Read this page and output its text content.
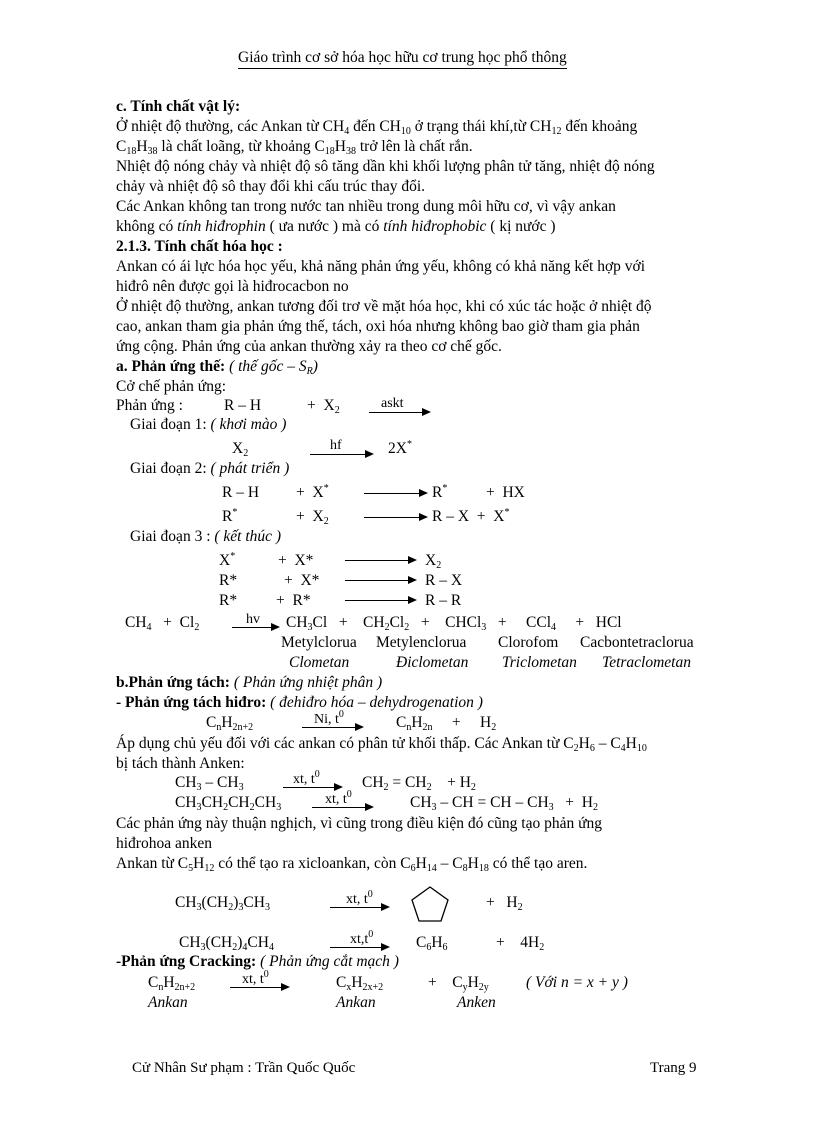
Giáo trình cơ sở hóa học hữu cơ trung học phổ thông
c. Tính chất vật lý:
Ở nhiệt độ thường, các Ankan từ $CH_4$ đến $CH_{10}$ ở trạng thái khí,từ $CH_{12}$ đến khoảng
$C_{18}H_{38}$ là chất loãng, từ khoảng $C_{18}H_{38}$ trở lên là chất rắn.
Nhiệt độ nóng chảy và nhiệt độ sô tăng dần khi khối lượng phân tử tăng, nhiệt độ nóng
chảy và nhiệt độ sô thay đổi khi cấu trúc thay đổi.
Các Ankan không tan trong nước tan nhiều trong dung môi hữu cơ, vì vậy ankan
không có tính hiđrophin ( ưa nước ) mà có tính hiđrophobic ( kị nước )
2.1.3. Tính chất hóa học :
Ankan có ái lực hóa học yếu, khả năng phản ứng yếu, không có khả năng kết hợp với
hiđrô nên được gọi là hiđrocacbon no
Ở nhiệt độ thường, ankan tương đối trơ về mặt hóa học, khi có xúc tác hoặc ở nhiệt độ
cao, ankan tham gia phản ứng thế, tách, oxi hóa nhưng không bao giờ tham gia phản
ứng cộng. Phản ứng của ankan thường xảy ra theo cơ chế gốc.
a. Phản ứng thế: ( thế gốc – $S_R$)
Cở chế phản ứng:
Phản ứng :	R – H	+  $X_2$	askt
Giai đoạn 1: ( khơi mào )
$X_2$
hf → 2X*
Giai đoạn 2: ( phát triển )
R – H +  X* → R* +  HX
R*	+  $X_2 \to R - X + X^*$
Giai đoạn 3 : ( kết thúc )
X*	+  X*	$X_2$
R*	+  X*	R – X
R*	+  R*	R – R
$CH_4 + Cl_2$
hv → $CH_3Cl$   +    $CH_2Cl_2$   +    CHCl$_3$   +     CCl$_4$     +   HCl
Metylclorua Metylenclorua Clorofom Cacbontetraclorua
Clometan	Điclometan Triclometan Tetraclometan
b.Phản ứng tách: ( Phản ứng nhiệt phân )
- Phản ứng tách hiđro: ( đehiđro hóa – dehydrogenation )
$C_nH_{2n+2}$
Ni, $t^0$	$C_nH_{2n}$     +     $H_2$
Áp dụng chủ yếu đối với các ankan có phân tử khối thấp. Các Ankan từ $C_2H_6 - C_4H_{10}$
bị tách thành Anken:
$CH_3 - CH_3$
xt, $t^0 \to CH_2 = CH_2$    + $H_2$
$CH_3CH_2CH_2CH_3$
xt, $t^0$	$CH_3$ – CH = CH – $CH_3 + H_2$
Các phản ứng này thuận nghịch, vì cũng trong điều kiện đó cũng tạo phản ứng
hiđrohoa anken
Ankan từ $C_5H_{12}$ có thể tạo ra xicloankan, còn $C_6H_{14} - C_8H_{18}$ có thể tạo aren.
$CH_3(CH_2)_3CH_3$
xt, $t^0$	+   $H_2$
$CH_3(CH_2)_4CH_4$
$xt,t^0$	$C_6H_6$	+    $4H_2$
-Phản ứng Cracking: ( Phản ứng cắt mạch )
$C_nH_{2n+2}$
xt, $t^0$	$C_xH_{2x+2}$	+    $C_yH_{2y}$ ( Với n = x + y )
Ankan	Ankan	Anken
Cử Nhân Sư phạm : Trần Quốc Quốc	Trang 9
